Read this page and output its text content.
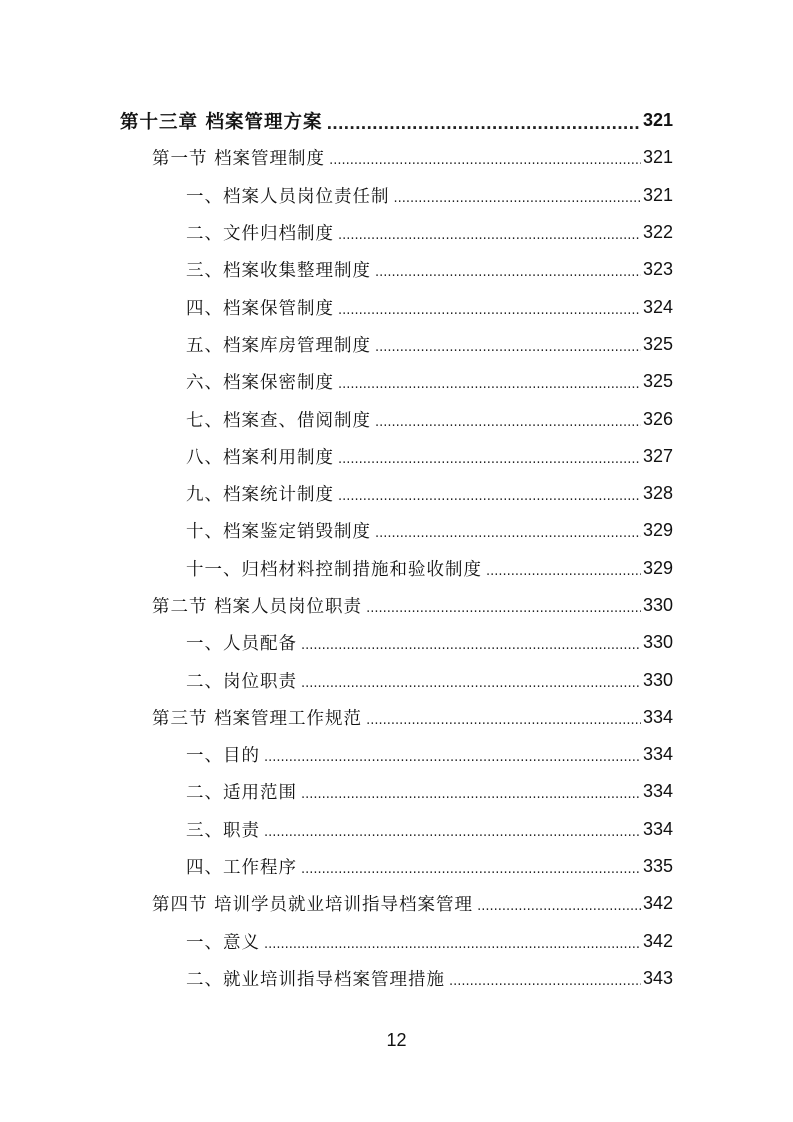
第十三章 档案管理方案 .....	321
第一节 档案管理制度 .....	321
一、档案人员岗位责任制 .....	321
二、文件归档制度 .....	322
三、档案收集整理制度 .....	323
四、档案保管制度 .....	324
五、档案库房管理制度 .....	325
六、档案保密制度 .....	325
七、档案查、借阅制度 .....	326
八、档案利用制度 .....	327
九、档案统计制度 .....	328
十、档案鉴定销毁制度 .....	329
十一、归档材料控制措施和验收制度 .....	329
第二节 档案人员岗位职责 .....	330
一、人员配备 .....	330
二、岗位职责 .....	330
第三节 档案管理工作规范 .....	334
一、目的 .....	334
二、适用范围 .....	334
三、职责 .....	334
四、工作程序 .....	335
第四节 培训学员就业培训指导档案管理 .....	342
一、意义 .....	342
二、就业培训指导档案管理措施 .....	343
12
